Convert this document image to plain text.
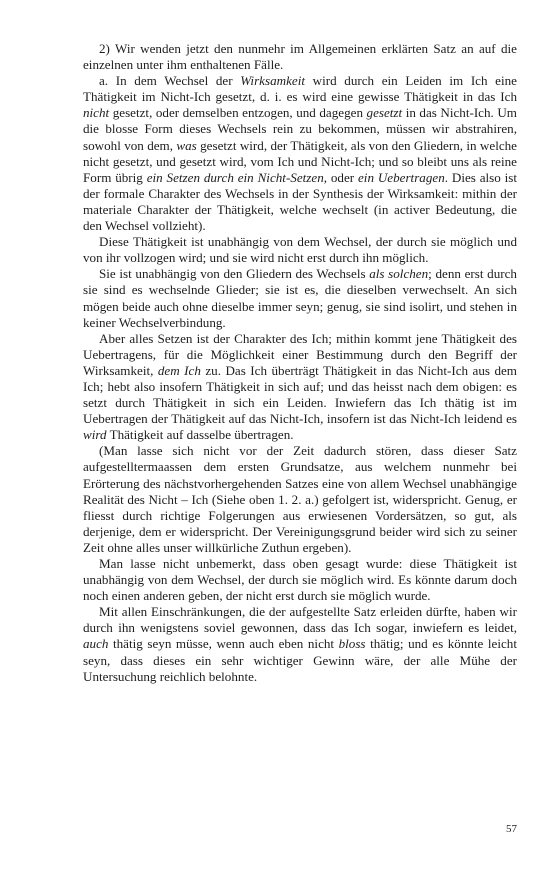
2) Wir wenden jetzt den nunmehr im Allgemeinen erklärten Satz an auf die einzelnen unter ihm enthaltenen Fälle.

a. In dem Wechsel der Wirksamkeit wird durch ein Leiden im Ich eine Thätigkeit im Nicht-Ich gesetzt, d. i. es wird eine gewisse Thätigkeit in das Ich nicht gesetzt, oder demselben entzogen, und dagegen gesetzt in das Nicht-Ich. Um die blosse Form dieses Wechsels rein zu bekommen, müssen wir abstrahiren, sowohl von dem, was gesetzt wird, der Thätigkeit, als von den Gliedern, in welche nicht gesetzt, und gesetzt wird, vom Ich und Nicht-Ich; und so bleibt uns als reine Form übrig ein Setzen durch ein Nicht-Setzen, oder ein Uebertragen. Dies also ist der formale Charakter des Wechsels in der Synthesis der Wirksamkeit: mithin der materiale Charakter der Thätigkeit, welche wechselt (in activer Bedeutung, die den Wechsel vollzieht).

Diese Thätigkeit ist unabhängig von dem Wechsel, der durch sie möglich und von ihr vollzogen wird; und sie wird nicht erst durch ihn möglich.

Sie ist unabhängig von den Gliedern des Wechsels als solchen; denn erst durch sie sind es wechselnde Glieder; sie ist es, die dieselben verwechselt. An sich mögen beide auch ohne dieselbe immer seyn; genug, sie sind isolirt, und stehen in keiner Wechselverbindung.

Aber alles Setzen ist der Charakter des Ich; mithin kommt jene Thätigkeit des Uebertragens, für die Möglichkeit einer Bestimmung durch den Begriff der Wirksamkeit, dem Ich zu. Das Ich überträgt Thätigkeit in das Nicht-Ich aus dem Ich; hebt also insofern Thätigkeit in sich auf; und das heisst nach dem obigen: es setzt durch Thätigkeit in sich ein Leiden. Inwiefern das Ich thätig ist im Uebertragen der Thätigkeit auf das Nicht-Ich, insofern ist das Nicht-Ich leidend es wird Thätigkeit auf dasselbe übertragen.

(Man lasse sich nicht vor der Zeit dadurch stören, dass dieser Satz aufgestelltermaassen dem ersten Grundsatze, aus welchem nunmehr bei Erörterung des nächstvorhergehenden Satzes eine von allem Wechsel unabhängige Realität des Nicht – Ich (Siehe oben 1. 2. a.) gefolgert ist, widerspricht. Genug, er fliesst durch richtige Folgerungen aus erwiesenen Vordersätzen, so gut, als derjenige, dem er widerspricht. Der Vereinigungsgrund beider wird sich zu seiner Zeit ohne alles unser willkürliche Zuthun ergeben).

Man lasse nicht unbemerkt, dass oben gesagt wurde: diese Thätigkeit ist unabhängig von dem Wechsel, der durch sie möglich wird. Es könnte darum doch noch einen anderen geben, der nicht erst durch sie möglich wurde.

Mit allen Einschränkungen, die der aufgestellte Satz erleiden dürfte, haben wir durch ihn wenigstens soviel gewonnen, dass das Ich sogar, inwiefern es leidet, auch thätig seyn müsse, wenn auch eben nicht bloss thätig; und es könnte leicht seyn, dass dieses ein sehr wichtiger Gewinn wäre, der alle Mühe der Untersuchung reichlich belohnte.

57
